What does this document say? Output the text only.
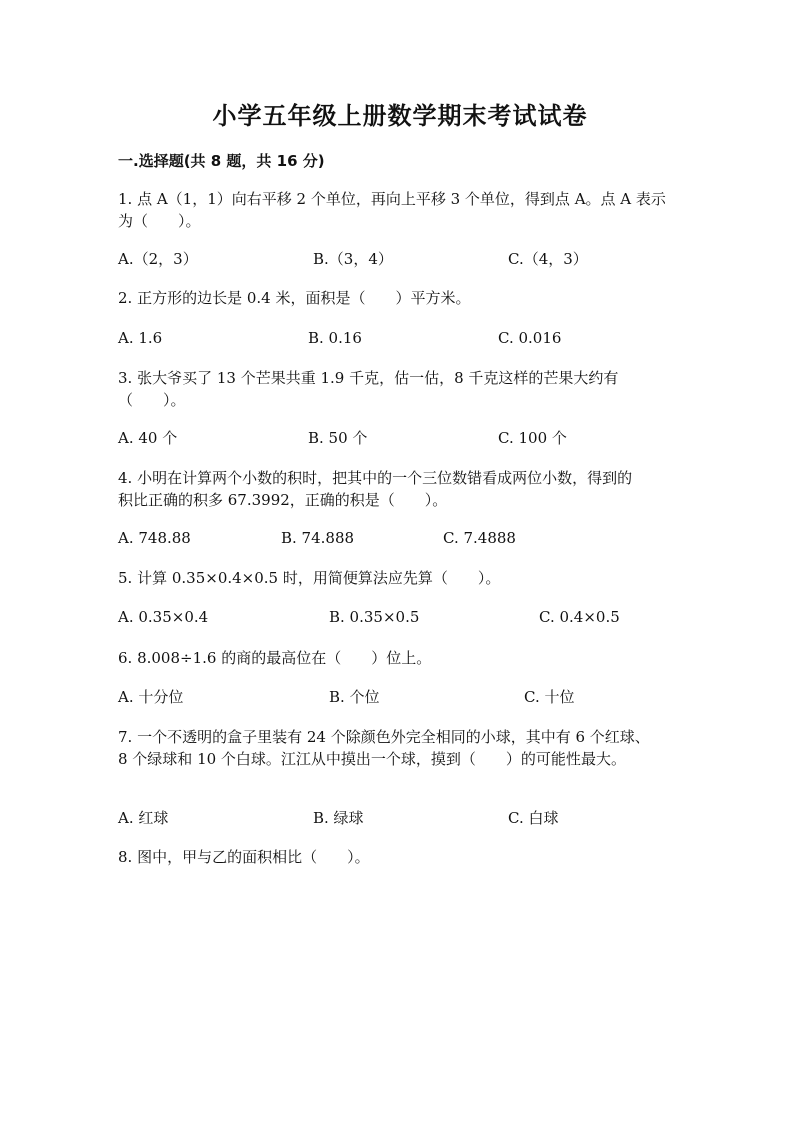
小学五年级上册数学期末考试试卷
一.选择题(共 8 题，共 16 分)
1. 点 A（1，1）向右平移 2 个单位，再向上平移 3 个单位，得到点 A。点 A 表示
为（　　）。
A.（2，3）	B.（3，4）	C.（4，3）
2. 正方形的边长是 0.4 米，面积是（　　）平方米。
A. 1.6	B. 0.16	C. 0.016
3. 张大爷买了 13 个芒果共重 1.9 千克，估一估，8 千克这样的芒果大约有
（　　）。
A. 40 个	B. 50 个	C. 100 个
4. 小明在计算两个小数的积时，把其中的一个三位数错看成两位小数，得到的
积比正确的积多 67.3992，正确的积是（　　）。
A. 748.88	B. 74.888	C. 7.4888
5. 计算 0.35×0.4×0.5 时，用简便算法应先算（　　）。
A. 0.35×0.4	B. 0.35×0.5	C. 0.4×0.5
6. 8.008÷1.6 的商的最高位在（　　）位上。
A. 十分位	B. 个位	C. 十位
7. 一个不透明的盒子里装有 24 个除颜色外完全相同的小球，其中有 6 个红球、
8 个绿球和 10 个白球。江江从中摸出一个球，摸到（　　）的可能性最大。
A. 红球	B. 绿球	C. 白球
8. 图中，甲与乙的面积相比（　　）。
